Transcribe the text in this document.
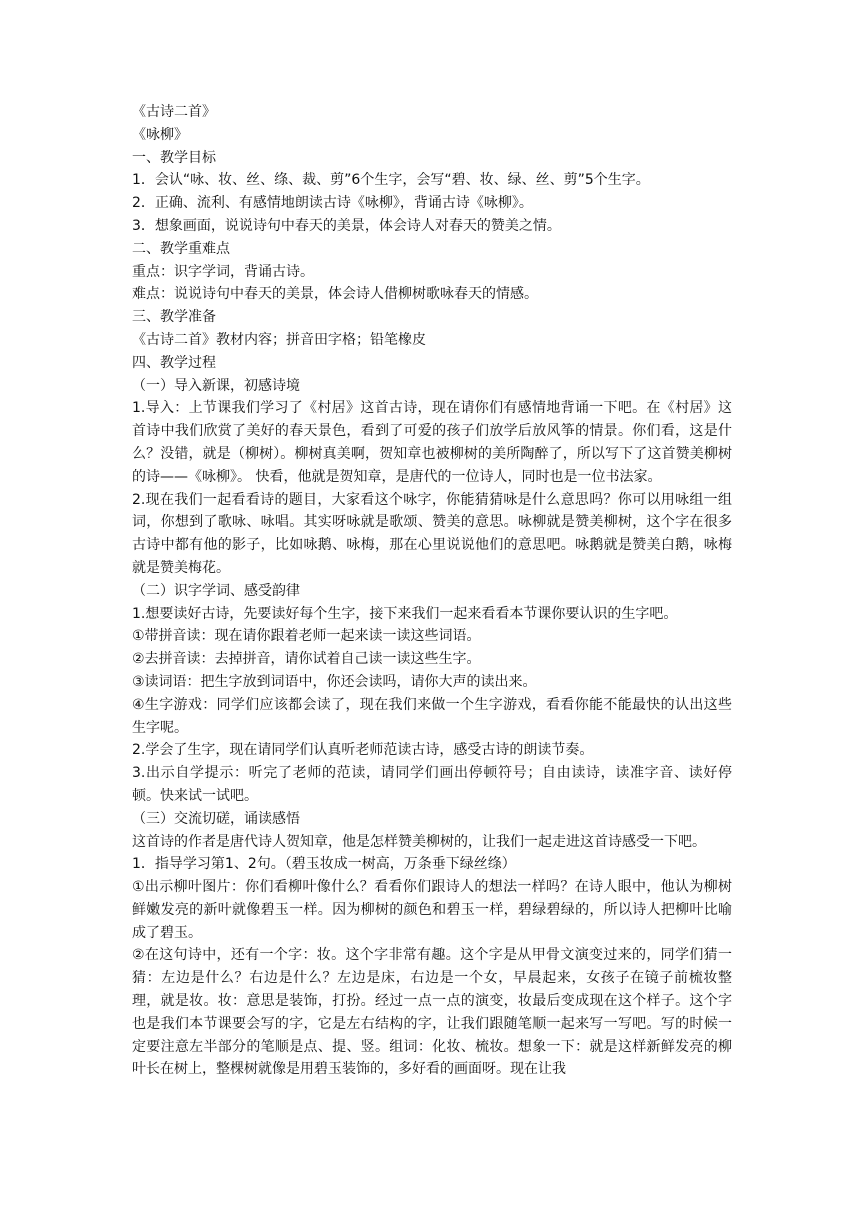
《古诗二首》
《咏柳》
一、教学目标
1．会认“咏、妆、丝、绦、裁、剪”6个生字，会写“碧、妆、绿、丝、剪”5个生字。
2．正确、流利、有感情地朗读古诗《咏柳》，背诵古诗《咏柳》。
3．想象画面，说说诗句中春天的美景，体会诗人对春天的赞美之情。
二、教学重难点
重点：识字学词，背诵古诗。
难点：说说诗句中春天的美景，体会诗人借柳树歌咏春天的情感。
三、教学准备
《古诗二首》教材内容；拼音田字格；铅笔橡皮
四、教学过程
（一）导入新课，初感诗境
1.导入：上节课我们学习了《村居》这首古诗，现在请你们有感情地背诵一下吧。在《村居》这首诗中我们欣赏了美好的春天景色，看到了可爱的孩子们放学后放风筝的情景。你们看，这是什么？没错，就是（柳树）。柳树真美啊，贺知章也被柳树的美所陶醉了，所以写下了这首赞美柳树的诗——《咏柳》。 快看，他就是贺知章，是唐代的一位诗人，同时也是一位书法家。
2.现在我们一起看看诗的题目，大家看这个咏字，你能猜猜咏是什么意思吗？你可以用咏组一组词，你想到了歌咏、咏唱。其实呀咏就是歌颂、赞美的意思。咏柳就是赞美柳树，这个字在很多古诗中都有他的影子，比如咏鹅、咏梅，那在心里说说他们的意思吧。咏鹅就是赞美白鹅，咏梅就是赞美梅花。
（二）识字学词、感受韵律
1.想要读好古诗，先要读好每个生字，接下来我们一起来看看本节课你要认识的生字吧。
①带拼音读：现在请你跟着老师一起来读一读这些词语。
②去拼音读：去掉拼音，请你试着自己读一读这些生字。
③读词语：把生字放到词语中，你还会读吗，请你大声的读出来。
④生字游戏：同学们应该都会读了，现在我们来做一个生字游戏，看看你能不能最快的认出这些生字呢。
2.学会了生字，现在请同学们认真听老师范读古诗，感受古诗的朗读节奏。
3.出示自学提示：听完了老师的范读，请同学们画出停顿符号；自由读诗，读准字音、读好停顿。快来试一试吧。
（三）交流切磋，诵读感悟
这首诗的作者是唐代诗人贺知章，他是怎样赞美柳树的，让我们一起走进这首诗感受一下吧。
1．指导学习第1、2句。（碧玉妆成一树高，万条垂下绿丝绦）
①出示柳叶图片：你们看柳叶像什么？看看你们跟诗人的想法一样吗？在诗人眼中，他认为柳树鲜嫩发亮的新叶就像碧玉一样。因为柳树的颜色和碧玉一样，碧绿碧绿的，所以诗人把柳叶比喻成了碧玉。
②在这句诗中，还有一个字：妆。这个字非常有趣。这个字是从甲骨文演变过来的，同学们猜一猜：左边是什么？右边是什么？左边是床，右边是一个女，早晨起来，女孩子在镜子前梳妆整理，就是妆。妆：意思是装饰，打扮。经过一点一点的演变，妆最后变成现在这个样子。这个字也是我们本节课要会写的字，它是左右结构的字，让我们跟随笔顺一起来写一写吧。写的时候一定要注意左半部分的笔顺是点、提、竖。组词：化妆、梳妆。想象一下：就是这样新鲜发亮的柳叶长在树上，整棵树就像是用碧玉装饰的，多好看的画面呀。现在让我
